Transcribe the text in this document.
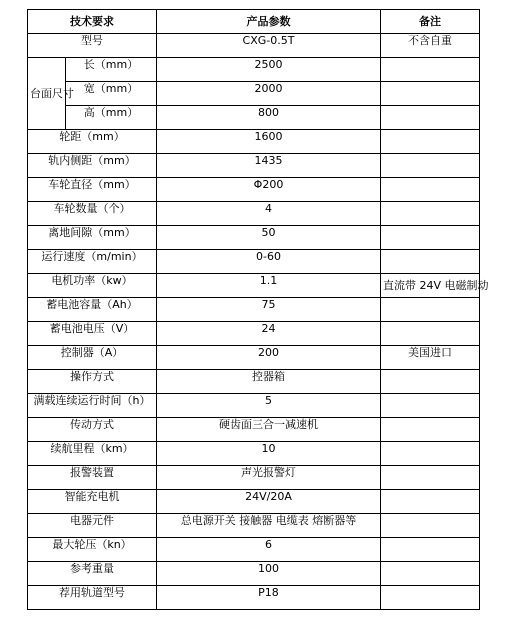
技术要求		产品参数	备注
型号		CXG-0.5T	不含自重
台面尺寸	长（mm）	2500	
	宽（mm）	2000	
	高（mm）	800	
轮距（mm）		1600	
轨内侧距（mm）		1435	
车轮直径（mm）		Φ200	
车轮数量（个）		4	
离地间隙（mm）		50	
运行速度（m/min）		0-60	
电机功率（kw）		1.1	直流带 24V 电磁制动
蓄电池容量（Ah）		75	
蓄电池电压（V）		24	
控制器（A）		200	美国进口
操作方式		控器箱	
满载连续运行时间（h）		5	
传动方式		硬齿面三合一减速机	
续航里程（km）		10	
报警装置		声光报警灯	
智能充电机		24V/20A	
电器元件		总电源开关 接触器 电缆表 熔断器等	
最大轮压（kn）		6	
参考重量		100	
荐用轨道型号		P18	
